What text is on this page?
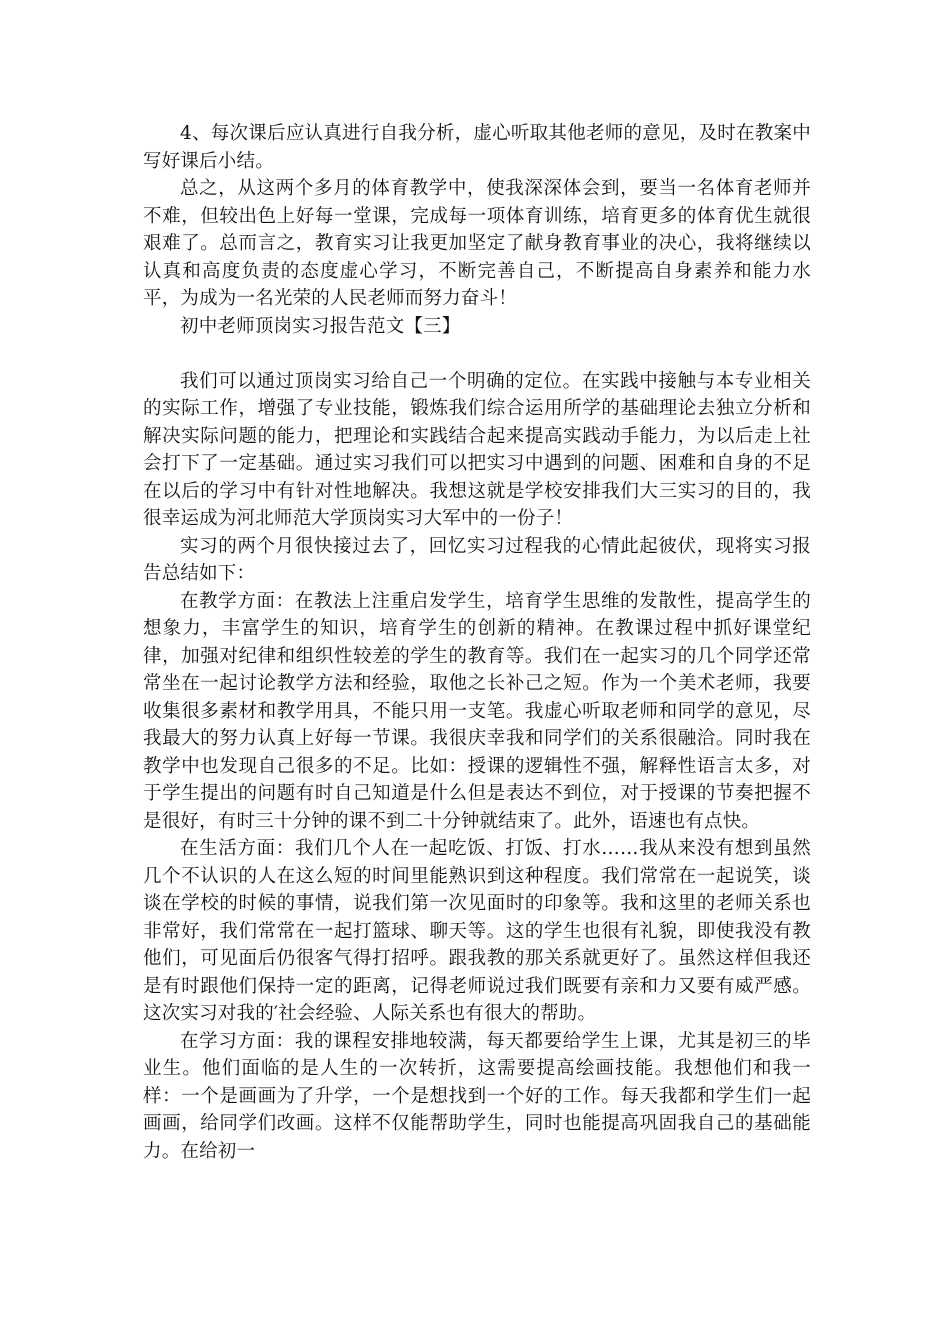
4、每次课后应认真进行自我分析，虚心听取其他老师的意见，及时在教案中写好课后小结。

总之，从这两个多月的体育教学中，使我深深体会到，要当一名体育老师并不难，但较出色上好每一堂课，完成每一项体育训练，培育更多的体育优生就很艰难了。总而言之，教育实习让我更加坚定了献身教育事业的决心，我将继续以认真和高度负责的态度虚心学习，不断完善自己，不断提高自身素养和能力水平，为成为一名光荣的人民老师而努力奋斗！

初中老师顶岗实习报告范文【三】

我们可以通过顶岗实习给自己一个明确的定位。在实践中接触与本专业相关的实际工作，增强了专业技能，锻炼我们综合运用所学的基础理论去独立分析和解决实际问题的能力，把理论和实践结合起来提高实践动手能力，为以后走上社会打下了一定基础。通过实习我们可以把实习中遇到的问题、困难和自身的不足在以后的学习中有针对性地解决。我想这就是学校安排我们大三实习的目的，我很幸运成为河北师范大学顶岗实习大军中的一份子！

实习的两个月很快接过去了，回忆实习过程我的心情此起彼伏，现将实习报告总结如下：

在教学方面：在教法上注重启发学生，培育学生思维的发散性，提高学生的想象力，丰富学生的知识，培育学生的创新的精神。在教课过程中抓好课堂纪律，加强对纪律和组织性较差的学生的教育等。我们在一起实习的几个同学还常常坐在一起讨论教学方法和经验，取他之长补己之短。作为一个美术老师，我要收集很多素材和教学用具，不能只用一支笔。我虚心听取老师和同学的意见，尽我最大的努力认真上好每一节课。我很庆幸我和同学们的关系很融洽。同时我在教学中也发现自己很多的不足。比如：授课的逻辑性不强，解释性语言太多，对于学生提出的问题有时自己知道是什么但是表达不到位，对于授课的节奏把握不是很好，有时三十分钟的课不到二十分钟就结束了。此外，语速也有点快。

在生活方面：我们几个人在一起吃饭、打饭、打水……我从来没有想到虽然几个不认识的人在这么短的时间里能熟识到这种程度。我们常常在一起说笑，谈谈在学校的时候的事情，说我们第一次见面时的印象等。我和这里的老师关系也非常好，我们常常在一起打篮球、聊天等。这的学生也很有礼貌，即使我没有教他们，可见面后仍很客气得打招呼。跟我教的那关系就更好了。虽然这样但我还是有时跟他们保持一定的距离，记得老师说过我们既要有亲和力又要有威严感。这次实习对我的′社会经验、人际关系也有很大的帮助。

在学习方面：我的课程安排地较满，每天都要给学生上课，尤其是初三的毕业生。他们面临的是人生的一次转折，这需要提高绘画技能。我想他们和我一样：一个是画画为了升学，一个是想找到一个好的工作。每天我都和学生们一起画画，给同学们改画。这样不仅能帮助学生，同时也能提高巩固我自己的基础能力。在给初一
